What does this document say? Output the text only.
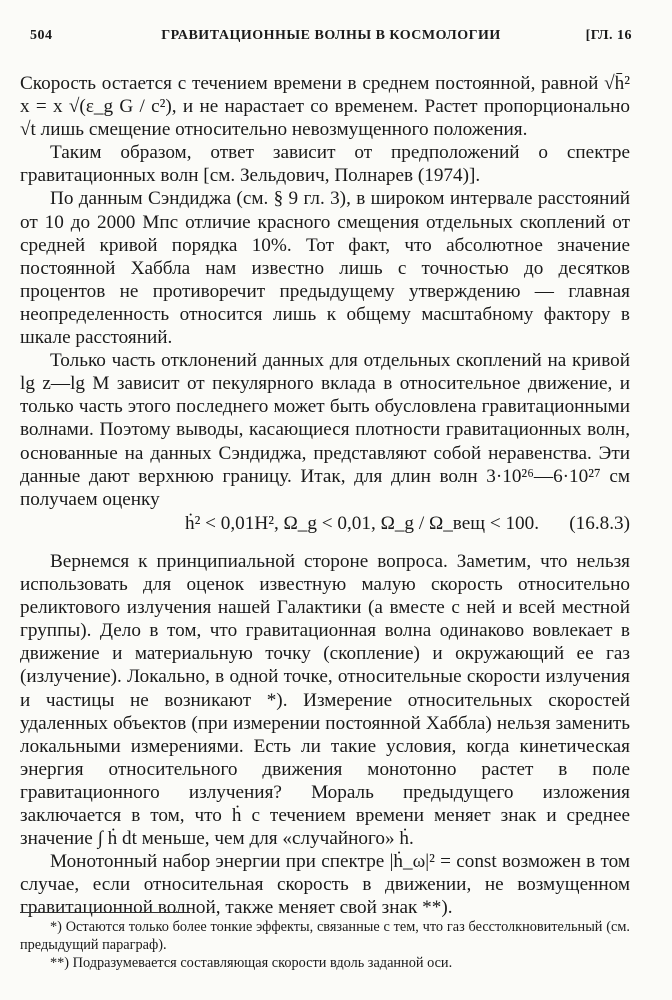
504	ГРАВИТАЦИОННЫЕ ВОЛНЫ В КОСМОЛОГИИ	[ГЛ. 16

Скорость остается с течением времени в среднем постоянной, равной √h̄² x = x √(ε_g G / c²), и не нарастает со временем. Растет пропорционально √t лишь смещение относительно невозмущенного положения.

Таким образом, ответ зависит от предположений о спектре гравитационных волн [см. Зельдович, Полнарев (1974)].

По данным Сэндиджа (см. § 9 гл. 3), в широком интервале расстояний от 10 до 2000 Мпс отличие красного смещения отдельных скоплений от средней кривой порядка 10%. Тот факт, что абсолютное значение постоянной Хаббла нам известно лишь с точностью до десятков процентов не противоречит предыдущему утверждению — главная неопределенность относится лишь к общему масштабному фактору в шкале расстояний.

Только часть отклонений данных для отдельных скоплений на кривой lg z—lg M зависит от пекулярного вклада в относительное движение, и только часть этого последнего может быть обусловлена гравитационными волнами. Поэтому выводы, касающиеся плотности гравитационных волн, основанные на данных Сэндиджа, представляют собой неравенства. Эти данные дают верхнюю границу. Итак, для длин волн 3·10²⁶—6·10²⁷ см получаем оценку

ḣ² < 0,01H², Ω_g < 0,01, Ω_g / Ω_вещ < 100. (16.8.3)

Вернемся к принципиальной стороне вопроса. Заметим, что нельзя использовать для оценок известную малую скорость относительно реликтового излучения нашей Галактики (а вместе с ней и всей местной группы). Дело в том, что гравитационная волна одинаково вовлекает в движение и материальную точку (скопление) и окружающий ее газ (излучение). Локально, в одной точке, относительные скорости излучения и частицы не возникают *). Измерение относительных скоростей удаленных объектов (при измерении постоянной Хаббла) нельзя заменить локальными измерениями. Есть ли такие условия, когда кинетическая энергия относительного движения монотонно растет в поле гравитационного излучения? Мораль предыдущего изложения заключается в том, что ḣ с течением времени меняет знак и среднее значение ∫ ḣ dt меньше, чем для «случайного» ḣ.

Монотонный набор энергии при спектре |ḣ_ω|² = const возможен в том случае, если относительная скорость в движении, не возмущенном гравитационной волной, также меняет свой знак **).

*) Остаются только более тонкие эффекты, связанные с тем, что газ бесстолкновительный (см. предыдущий параграф).

**) Подразумевается составляющая скорости вдоль заданной оси.
